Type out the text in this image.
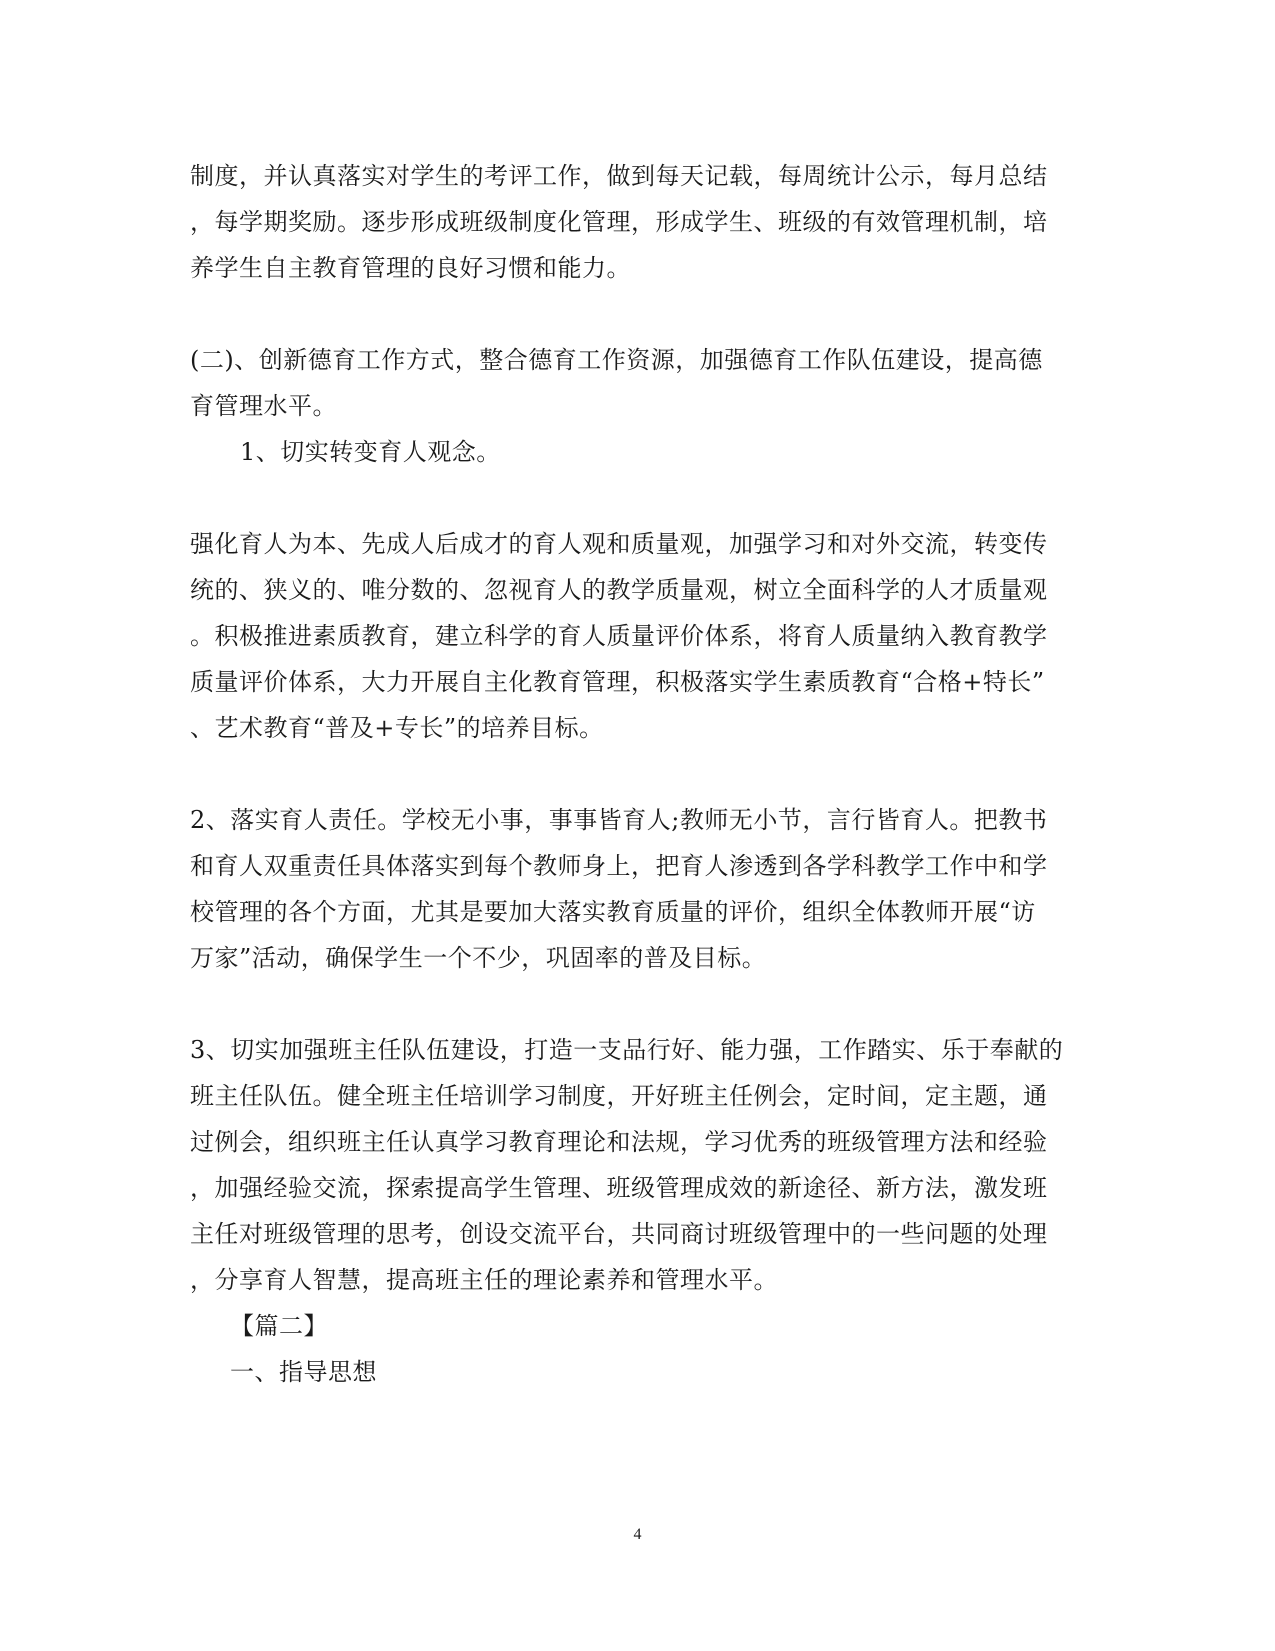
制度，并认真落实对学生的考评工作，做到每天记载，每周统计公示，每月总结
，每学期奖励。逐步形成班级制度化管理，形成学生、班级的有效管理机制，培
养学生自主教育管理的良好习惯和能力。
(二)、创新德育工作方式，整合德育工作资源，加强德育工作队伍建设，提高德
育管理水平。
1、切实转变育人观念。
强化育人为本、先成人后成才的育人观和质量观，加强学习和对外交流，转变传
统的、狭义的、唯分数的、忽视育人的教学质量观，树立全面科学的人才质量观
。积极推进素质教育，建立科学的育人质量评价体系，将育人质量纳入教育教学
质量评价体系，大力开展自主化教育管理，积极落实学生素质教育“合格+特长”
、艺术教育“普及+专长”的培养目标。
2、落实育人责任。学校无小事，事事皆育人;教师无小节，言行皆育人。把教书
和育人双重责任具体落实到每个教师身上，把育人渗透到各学科教学工作中和学
校管理的各个方面，尤其是要加大落实教育质量的评价，组织全体教师开展“访
万家”活动，确保学生一个不少，巩固率的普及目标。
3、切实加强班主任队伍建设，打造一支品行好、能力强，工作踏实、乐于奉献的
班主任队伍。健全班主任培训学习制度，开好班主任例会，定时间，定主题，通
过例会，组织班主任认真学习教育理论和法规，学习优秀的班级管理方法和经验
，加强经验交流，探索提高学生管理、班级管理成效的新途径、新方法，激发班
主任对班级管理的思考，创设交流平台，共同商讨班级管理中的一些问题的处理
，分享育人智慧，提高班主任的理论素养和管理水平。
【篇二】
一、指导思想
4
